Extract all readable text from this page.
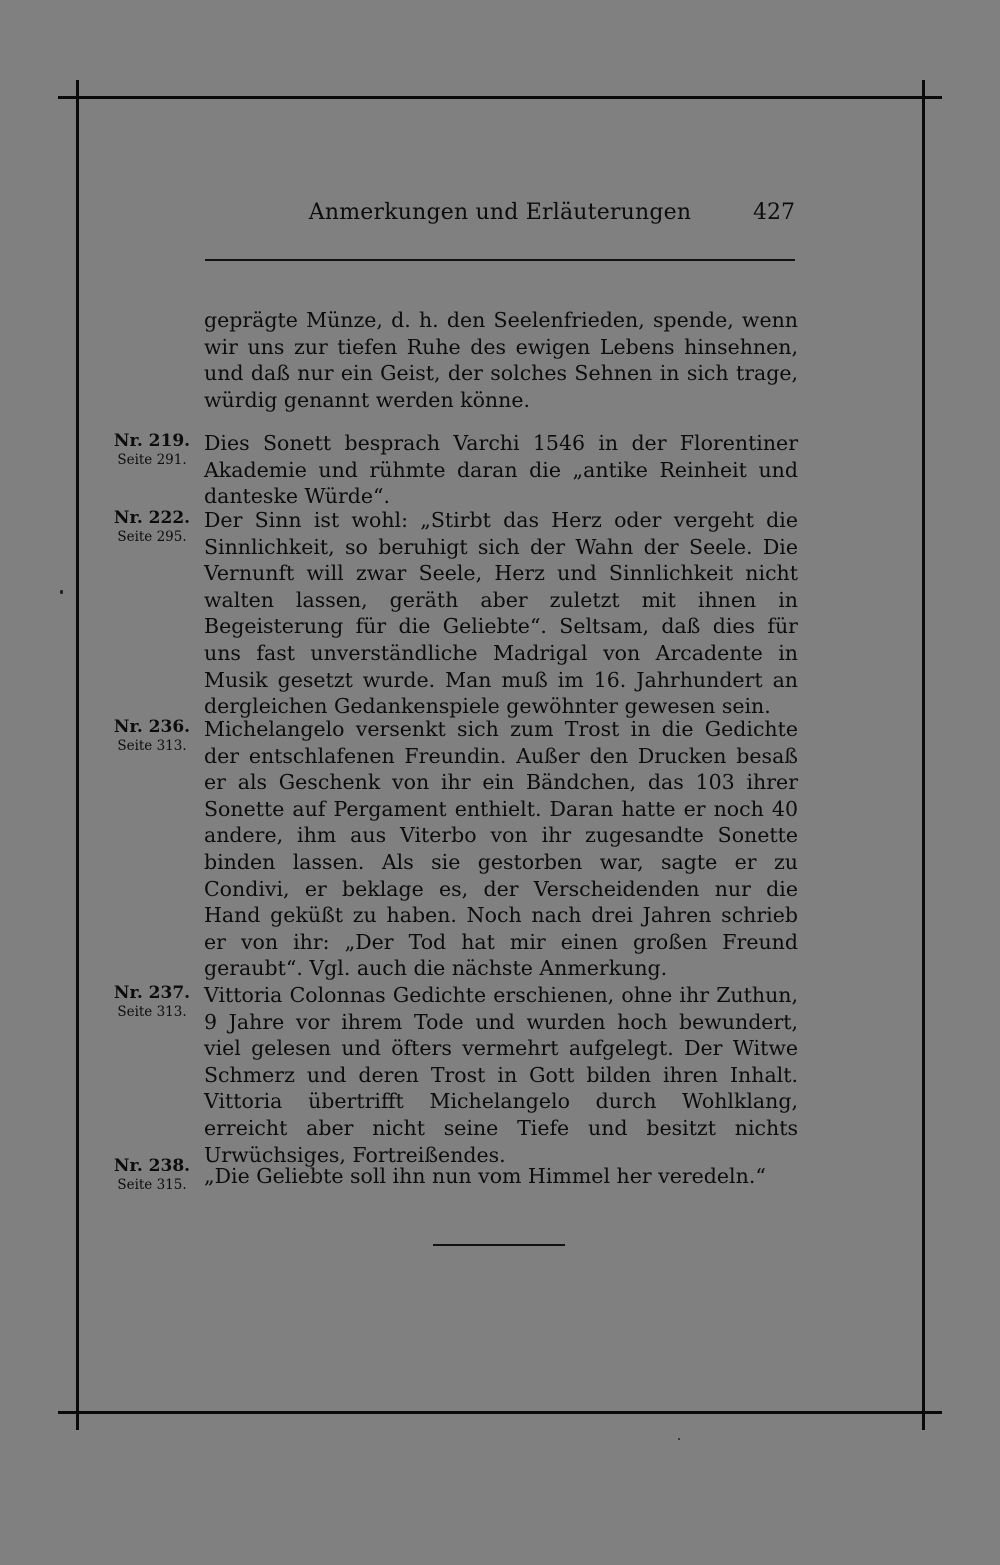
Anmerkungen und Erläuterungen	427

geprägte Münze, d. h. den Seelenfrieden, spende, wenn wir uns zur tiefen Ruhe des ewigen Lebens hinsehnen, und daß nur ein Geist, der solches Sehnen in sich trage, würdig genannt werden könne.

Nr. 219.
Seite 291.

Dies Sonett besprach Varchi 1546 in der Florentiner Akademie und rühmte daran die „antike Reinheit und danteske Würde“.

Nr. 222.
Seite 295.

Der Sinn ist wohl: „Stirbt das Herz oder vergeht die Sinnlichkeit, so beruhigt sich der Wahn der Seele. Die Vernunft will zwar Seele, Herz und Sinnlichkeit nicht walten lassen, geräth aber zuletzt mit ihnen in Begeisterung für die Geliebte“. Seltsam, daß dies für uns fast unverständliche Madrigal von Arcadente in Musik gesetzt wurde. Man muß im 16. Jahrhundert an dergleichen Gedankenspiele gewöhnter gewesen sein.

Nr. 236.
Seite 313.

Michelangelo versenkt sich zum Trost in die Gedichte der entschlafenen Freundin. Außer den Drucken besaß er als Geschenk von ihr ein Bändchen, das 103 ihrer Sonette auf Pergament enthielt. Daran hatte er noch 40 andere, ihm aus Viterbo von ihr zugesandte Sonette binden lassen. Als sie gestorben war, sagte er zu Condivi, er beklage es, der Verscheidenden nur die Hand geküßt zu haben. Noch nach drei Jahren schrieb er von ihr: „Der Tod hat mir einen großen Freund geraubt“. Vgl. auch die nächste Anmerkung.

Nr. 237.
Seite 313.

Vittoria Colonnas Gedichte erschienen, ohne ihr Zuthun, 9 Jahre vor ihrem Tode und wurden hoch bewundert, viel gelesen und öfters vermehrt aufgelegt. Der Witwe Schmerz und deren Trost in Gott bilden ihren Inhalt. Vittoria übertrifft Michelangelo durch Wohlklang, erreicht aber nicht seine Tiefe und besitzt nichts Urwüchsiges, Fortreißendes.

Nr. 238.
Seite 315. „Die Geliebte soll ihn nun vom Himmel her veredeln.“
